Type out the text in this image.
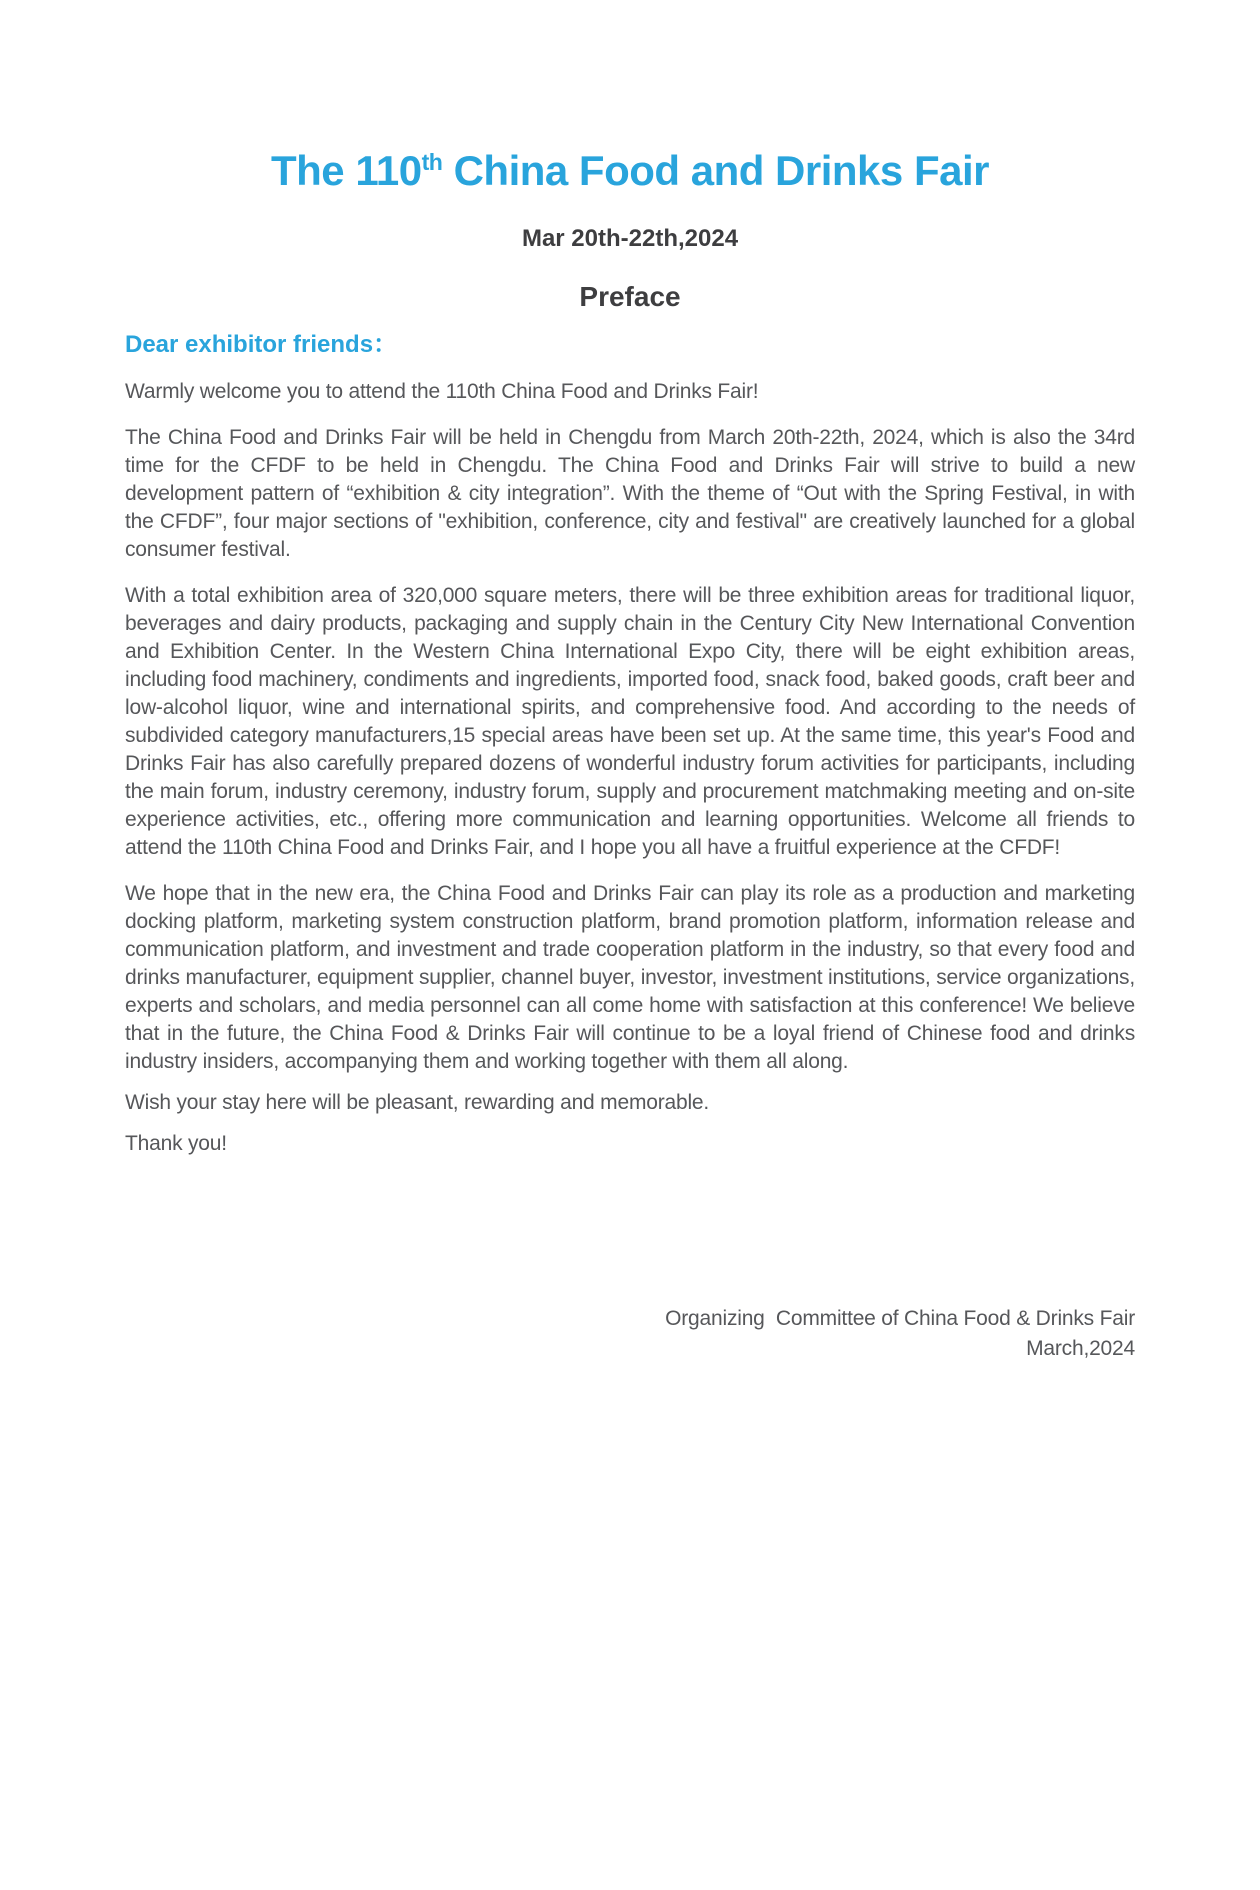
The 110th China Food and Drinks Fair
Mar 20th-22th,2024
Preface
Dear exhibitor friends：

Warmly welcome you to attend the 110th China Food and Drinks Fair!

The China Food and Drinks Fair will be held in Chengdu from March 20th-22th, 2024, which is also the 34rd time for the CFDF to be held in Chengdu. The China Food and Drinks Fair will strive to build a new development pattern of “exhibition & city integration”. With the theme of “Out with the Spring Festival, in with the CFDF”, four major sections of "exhibition, conference, city and festival" are creatively launched for a global consumer festival.

With a total exhibition area of 320,000 square meters, there will be three exhibition areas for traditional liquor, beverages and dairy products, packaging and supply chain in the Century City New International Convention and Exhibition Center. In the Western China International Expo City, there will be eight exhibition areas, including food machinery, condiments and ingredients, imported food, snack food, baked goods, craft beer and low-alcohol liquor, wine and international spirits, and comprehensive food. And according to the needs of subdivided category manufacturers,15 special areas have been set up. At the same time, this year's Food and Drinks Fair has also carefully prepared dozens of wonderful industry forum activities for participants, including the main forum, industry ceremony, industry forum, supply and procurement matchmaking meeting and on-site experience activities, etc., offering more communication and learning opportunities. Welcome all friends to attend the 110th China Food and Drinks Fair, and I hope you all have a fruitful experience at the CFDF!

We hope that in the new era, the China Food and Drinks Fair can play its role as a production and marketing docking platform, marketing system construction platform, brand promotion platform, information release and communication platform, and investment and trade cooperation platform in the industry, so that every food and drinks manufacturer, equipment supplier, channel buyer, investor, investment institutions, service organizations, experts and scholars, and media personnel can all come home with satisfaction at this conference! We believe that in the future, the China Food & Drinks Fair will continue to be a loyal friend of Chinese food and drinks industry insiders, accompanying them and working together with them all along.

Wish your stay here will be pleasant, rewarding and memorable.

Thank you!

Organizing  Committee of China Food & Drinks Fair
March,2024
